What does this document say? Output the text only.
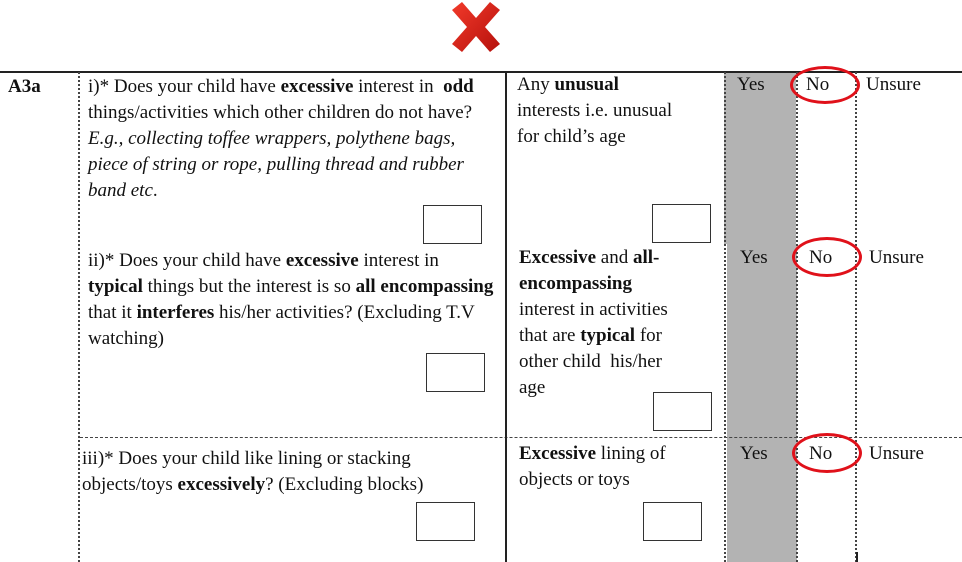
A3a i)* Does your child have excessive interest in  odd things/activities which other children do not have?
E.g., collecting toffee wrappers, polythene bags, piece of string or rope, pulling thread and rubber band etc.
Any unusual
interests i.e. unusual
for child’s age
Yes No Unsure
ii)* Does your child have excessive interest in typical things but the interest is so all encompassing that it interferes his/her activities? (Excluding T.V watching)
Excessive and all-
encompassing
interest in activities
that are typical for
other child  his/her
age
Yes No Unsure
iii)* Does your child like lining or stacking objects/toys excessively? (Excluding blocks)
Excessive lining of
objects or toys
Yes No Unsure
